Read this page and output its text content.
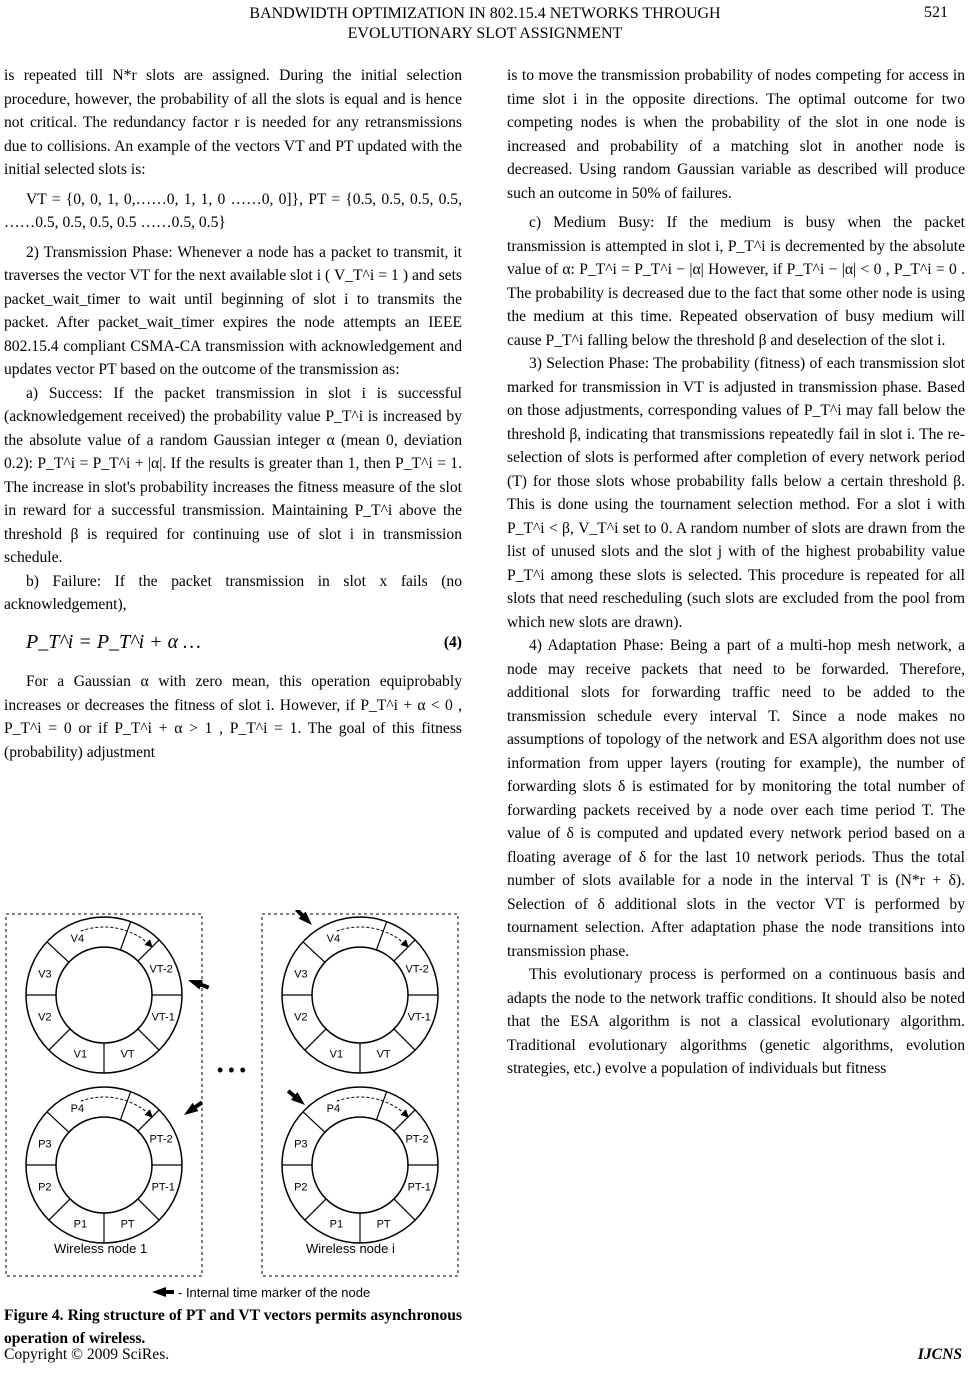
BANDWIDTH OPTIMIZATION IN 802.15.4 NETWORKS THROUGH
EVOLUTIONARY SLOT ASSIGNMENT
521

is repeated till N*r slots are assigned. During the initial selection procedure, however, the probability of all the slots is equal and is hence not critical. The redundancy factor r is needed for any retransmissions due to collisions. An example of the vectors VT and PT updated with the initial selected slots is:

VT = {0, 0, 1, 0,……0, 1, 1, 0 ……0, 0]}, PT = {0.5, 0.5, 0.5, 0.5, ……0.5, 0.5, 0.5, 0.5 ……0.5, 0.5}

2) Transmission Phase: Whenever a node has a packet to transmit, it traverses the vector VT for the next available slot i ( V_T^i = 1 ) and sets packet_wait_timer to wait until beginning of slot i to transmits the packet. After packet_wait_timer expires the node attempts an IEEE 802.15.4 compliant CSMA-CA transmission with acknowledgement and updates vector PT based on the outcome of the transmission as:

a) Success: If the packet transmission in slot i is successful (acknowledgement received) the probability value P_T^i is increased by the absolute value of a random Gaussian integer α (mean 0, deviation 0.2): P_T^i = P_T^i + |α|. If the results is greater than 1, then P_T^i = 1. The increase in slot's probability increases the fitness measure of the slot in reward for a successful transmission. Maintaining P_T^i above the threshold β is required for continuing use of slot i in transmission schedule.

b) Failure: If the packet transmission in slot x fails (no acknowledgement),

P_T^i = P_T^i + α …	(4)

For a Gaussian α with zero mean, this operation equiprobably increases or decreases the fitness of slot i. However, if P_T^i + α < 0 , P_T^i = 0 or if P_T^i + α > 1 , P_T^i = 1. The goal of this fitness (probability) adjustment

V4
V3
V2
V1	VT
VT-1
VT-2
V4
V3
V2
V1	VT
VT-1
VT-2
P4
P3
P2
P1	PT
PT-1
PT-2
P4
P3
P2
P1	PT
PT-1
PT-2
Wireless node 1	Wireless node i
• • •
- Internal time marker of the node
Figure 4. Ring structure of PT and VT vectors permits asynchronous operation of wireless.

is to move the transmission probability of nodes competing for access in time slot i in the opposite directions. The optimal outcome for two competing nodes is when the probability of the slot in one node is increased and probability of a matching slot in another node is decreased. Using random Gaussian variable as described will produce such an outcome in 50% of failures.

c) Medium Busy: If the medium is busy when the packet transmission is attempted in slot i, P_T^i is decremented by the absolute value of α: P_T^i = P_T^i − |α| However, if P_T^i − |α| < 0 , P_T^i = 0 . The probability is decreased due to the fact that some other node is using the medium at this time. Repeated observation of busy medium will cause P_T^i falling below the threshold β and deselection of the slot i.

3) Selection Phase: The probability (fitness) of each transmission slot marked for transmission in VT is adjusted in transmission phase. Based on those adjustments, corresponding values of P_T^i may fall below the threshold β, indicating that transmissions repeatedly fail in slot i. The re-selection of slots is performed after completion of every network period (T) for those slots whose probability falls below a certain threshold β. This is done using the tournament selection method. For a slot i with P_T^i < β, V_T^i set to 0. A random number of slots are drawn from the list of unused slots and the slot j with of the highest probability value P_T^i among these slots is selected. This procedure is repeated for all slots that need rescheduling (such slots are excluded from the pool from which new slots are drawn).

4) Adaptation Phase: Being a part of a multi-hop mesh network, a node may receive packets that need to be forwarded. Therefore, additional slots for forwarding traffic need to be added to the transmission schedule every interval T. Since a node makes no assumptions of topology of the network and ESA algorithm does not use information from upper layers (routing for example), the number of forwarding slots δ is estimated for by monitoring the total number of forwarding packets received by a node over each time period T. The value of δ is computed and updated every network period based on a floating average of δ for the last 10 network periods. Thus the total number of slots available for a node in the interval T is (N*r + δ). Selection of δ additional slots in the vector VT is performed by tournament selection. After adaptation phase the node transitions into transmission phase.

This evolutionary process is performed on a continuous basis and adapts the node to the network traffic conditions. It should also be noted that the ESA algorithm is not a classical evolutionary algorithm. Traditional evolutionary algorithms (genetic algorithms, evolution strategies, etc.) evolve a population of individuals but fitness

Copyright © 2009 SciRes.	IJCNS
